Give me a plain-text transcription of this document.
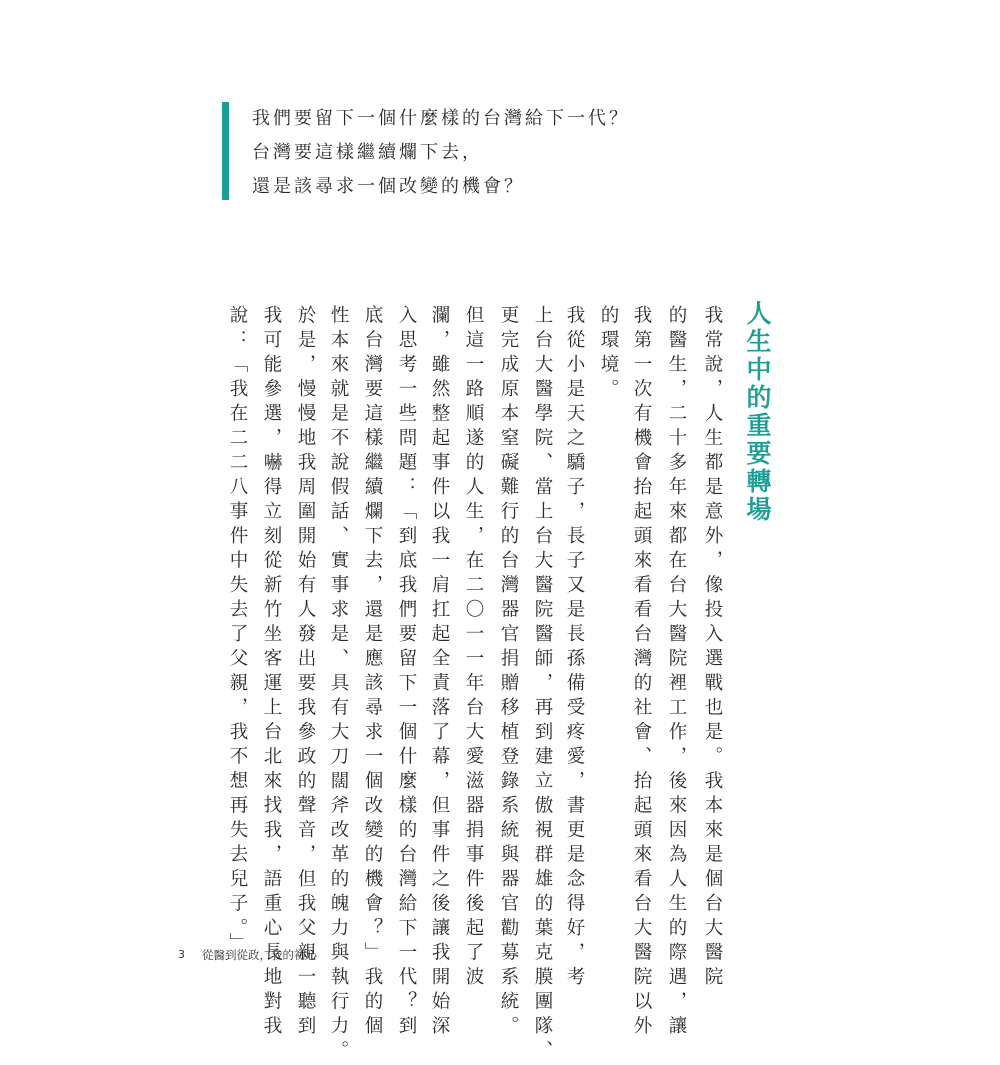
我們要留下一個什麼樣的台灣給下一代？
台灣要這樣繼續爛下去，
還是該尋求一個改變的機會？
人生中的重要轉場
我常說，人生都是意外，像投入選戰也是。我本來是個台大醫院
的醫生，二十多年來都在台大醫院裡工作，後來因為人生的際遇，讓
我第一次有機會抬起頭來看看台灣的社會、抬起頭來看台大醫院以外
的環境。
我從小是天之驕子，長子又是長孫備受疼愛，書更是念得好，考
上台大醫學院、當上台大醫院醫師，再到建立傲視群雄的葉克膜團隊、
更完成原本窒礙難行的台灣器官捐贈移植登錄系統與器官勸募系統。
但這一路順遂的人生，在二〇一一年台大愛滋器捐事件後起了波
瀾，雖然整起事件以我一肩扛起全責落了幕，但事件之後讓我開始深
入思考一些問題：「到底我們要留下一個什麼樣的台灣給下一代？到
底台灣要這樣繼續爛下去，還是應該尋求一個改變的機會？」我的個
性本來就是不說假話、實事求是、具有大刀闊斧改革的魄力與執行力。
於是，慢慢地我周圍開始有人發出要我參政的聲音，但我父親一聽到
我可能參選，嚇得立刻從新竹坐客運上台北來找我，語重心長地對我
說：「我在二二八事件中失去了父親，我不想再失去兒子。」
3 從醫到從政，我的初心
